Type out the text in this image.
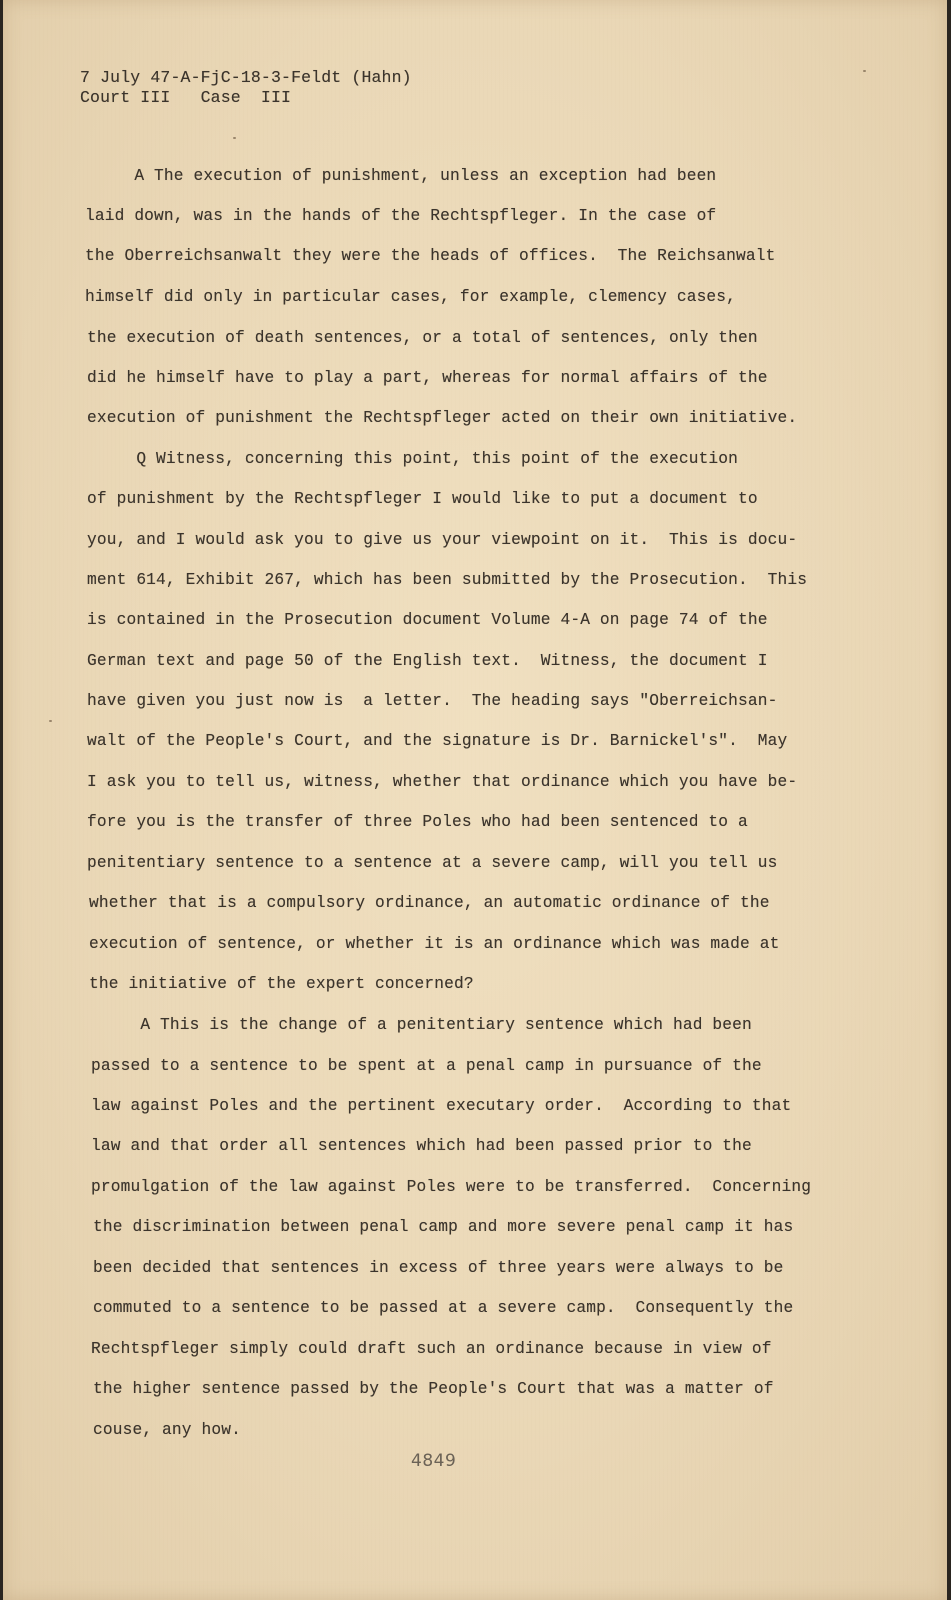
7 July 47-A-FjC-18-3-Feldt (Hahn)
Court III   Case  III
A The execution of punishment, unless an exception had been
laid down, was in the hands of the Rechtspfleger. In the case of
the Oberreichsanwalt they were the heads of offices.  The Reichsanwalt
himself did only in particular cases, for example, clemency cases,
the execution of death sentences, or a total of sentences, only then
did he himself have to play a part, whereas for normal affairs of the
execution of punishment the Rechtspfleger acted on their own initiative.
Q Witness, concerning this point, this point of the execution
of punishment by the Rechtspfleger I would like to put a document to
you, and I would ask you to give us your viewpoint on it.  This is docu-
ment 614, Exhibit 267, which has been submitted by the Prosecution.  This
is contained in the Prosecution document Volume 4-A on page 74 of the
German text and page 50 of the English text.  Witness, the document I
have given you just now is  a letter.  The heading says "Oberreichsan-
walt of the People's Court, and the signature is Dr. Barnickel's".  May
I ask you to tell us, witness, whether that ordinance which you have be-
fore you is the transfer of three Poles who had been sentenced to a
penitentiary sentence to a sentence at a severe camp, will you tell us
whether that is a compulsory ordinance, an automatic ordinance of the
execution of sentence, or whether it is an ordinance which was made at
the initiative of the expert concerned?
A This is the change of a penitentiary sentence which had been
passed to a sentence to be spent at a penal camp in pursuance of the
law against Poles and the pertinent executary order.  According to that
law and that order all sentences which had been passed prior to the
promulgation of the law against Poles were to be transferred.  Concerning
the discrimination between penal camp and more severe penal camp it has
been decided that sentences in excess of three years were always to be
commuted to a sentence to be passed at a severe camp.  Consequently the
Rechtspfleger simply could draft such an ordinance because in view of
the higher sentence passed by the People's Court that was a matter of
couse, any how.
4849
